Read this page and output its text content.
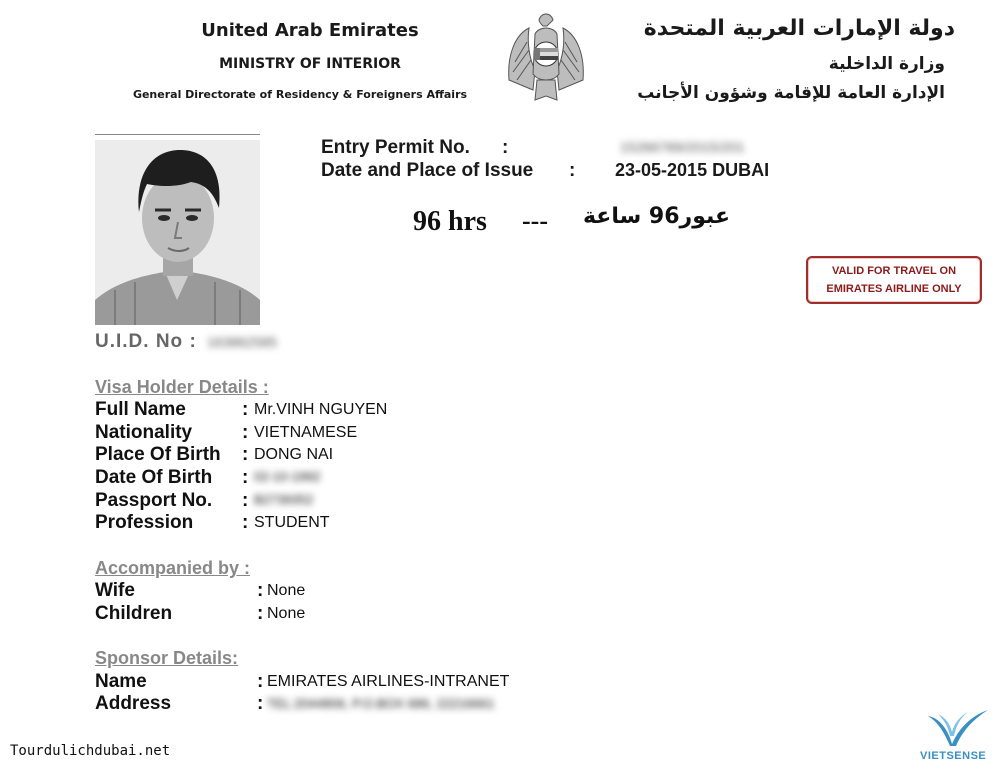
United Arab Emirates
MINISTRY OF INTERIOR
General Directorate of Residency & Foreigners Affairs
دولة الإمارات العربية المتحدة
وزارة الداخلية
الإدارة العامة للإقامة وشؤون الأجانب
Entry Permit No. :	15266789/2015/201
Date and Place of Issue : 23-05-2015 DUBAI
96 hrs --- عبور96 ساعة
VALID FOR TRAVEL ON
EMIRATES AIRLINE ONLY
U.I.D. No : 163862585
Visa Holder Details :
Full Name	: Mr.VINH NGUYEN
Nationality	: VIETNAMESE
Place Of Birth : DONG NAI
Date Of Birth : 02-10-1992
Passport No. : B2739352
Profession	: STUDENT
Accompanied by :
Wife	: None
Children	: None
Sponsor Details:
Name	: EMIRATES AIRLINES-INTRANET
Address	: TEL:2044806, P.O.BOX 686, 22216661
Tourdulichdubai.net	VIETSENSE
